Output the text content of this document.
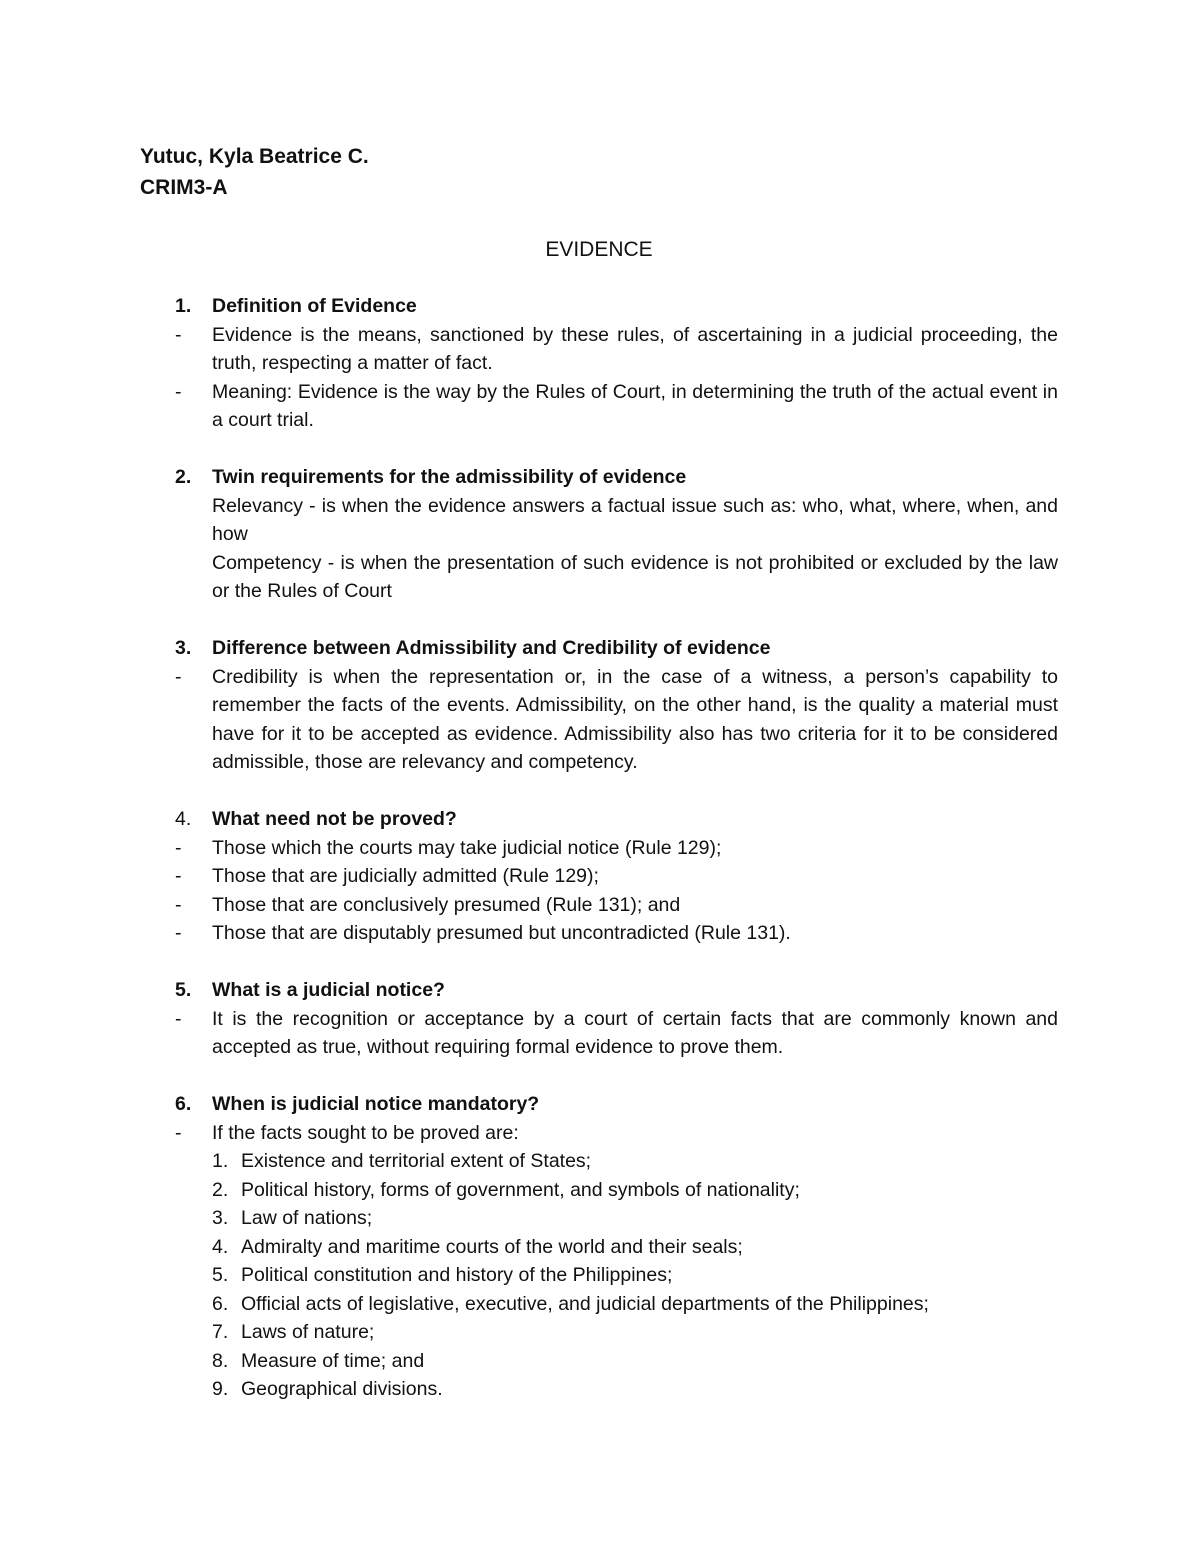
Yutuc, Kyla Beatrice C.
CRIM3-A
EVIDENCE
1.	Definition of Evidence
-	Evidence is the means, sanctioned by these rules, of ascertaining in a judicial proceeding, the truth, respecting a matter of fact.
-	Meaning: Evidence is the way by the Rules of Court, in determining the truth of the actual event in a court trial.
2.	Twin requirements for the admissibility of evidence
Relevancy - is when the evidence answers a factual issue such as: who, what, where, when, and how
Competency - is when the presentation of such evidence is not prohibited or excluded by the law or the Rules of Court
3.	Difference between Admissibility and Credibility of evidence
-	Credibility is when the representation or, in the case of a witness, a person’s capability to remember the facts of the events. Admissibility, on the other hand, is the quality a material must have for it to be accepted as evidence. Admissibility also has two criteria for it to be considered admissible, those are relevancy and competency.
4.	What need not be proved?
-	Those which the courts may take judicial notice (Rule 129);
-	Those that are judicially admitted (Rule 129);
-	Those that are conclusively presumed (Rule 131); and
-	Those that are disputably presumed but uncontradicted (Rule 131).
5.	What is a judicial notice?
-	It is the recognition or acceptance by a court of certain facts that are commonly known and accepted as true, without requiring formal evidence to prove them.
6.	When is judicial notice mandatory?
-	If the facts sought to be proved are:
1. Existence and territorial extent of States;
2. Political history, forms of government, and symbols of nationality;
3. Law of nations;
4. Admiralty and maritime courts of the world and their seals;
5. Political constitution and history of the Philippines;
6. Official acts of legislative, executive, and judicial departments of the Philippines;
7. Laws of nature;
8. Measure of time; and
9. Geographical divisions.
